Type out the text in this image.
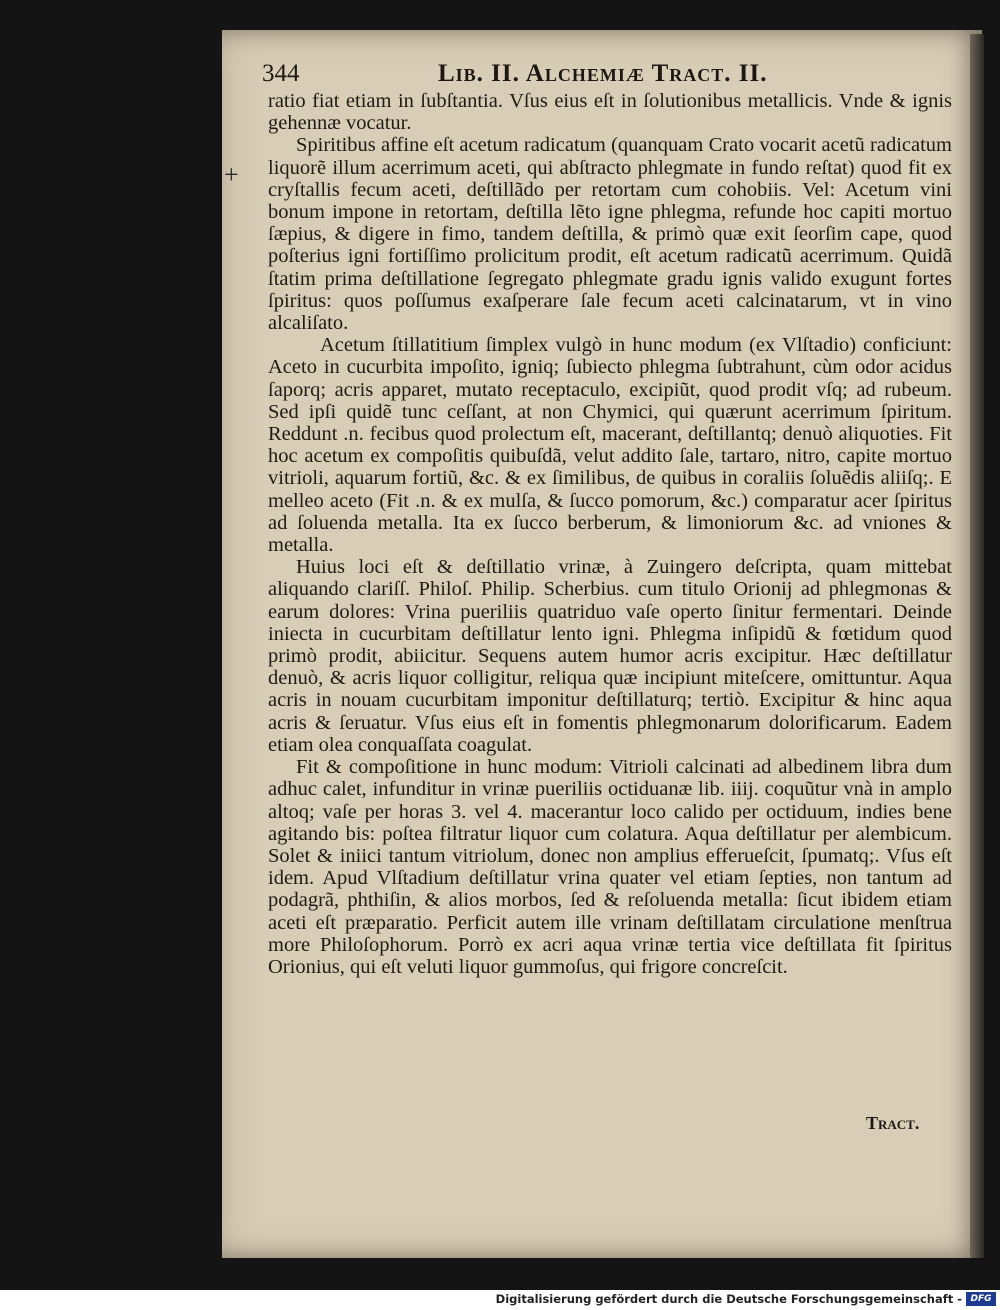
344	Lib. II. Alchemiæ Tract. II.
+

ratio fiat etiam in ſubſtantia. Vſus eius eſt in ſolutionibus metallicis. Vnde & ignis gehennæ vocatur.

Spiritibus affine eſt acetum radicatum (quanquam Crato vocarit acetũ radicatum liquorẽ illum acerrimum aceti, qui abſtracto phlegmate in fundo reſtat) quod fit ex cryſtallis fecum aceti, deſtillãdo per retortam cum cohobiis. Vel: Acetum vini bonum impone in retortam, deſtilla lẽto igne phlegma, refunde hoc capiti mortuo ſæpius, & digere in fimo, tandem deſtilla, & primò quæ exit ſeorſim cape, quod poſterius igni fortiſſimo prolicitum prodit, eſt acetum radicatũ acerrimum. Quidã ſtatim prima deſtillatione ſegregato phlegmate gradu ignis valido exugunt fortes ſpiritus: quos poſſumus exaſperare ſale fecum aceti calcinatarum, vt in vino alcaliſato.

Acetum ſtillatitium ſimplex vulgò in hunc modum (ex Vlſtadio) conficiunt: Aceto in cucurbita impoſito, igniq; ſubiecto phlegma ſubtrahunt, cùm odor acidus ſaporq; acris apparet, mutato receptaculo, excipiũt, quod prodit vſq; ad rubeum. Sed ipſi quidẽ tunc ceſſant, at non Chymici, qui quærunt acerrimum ſpiritum. Reddunt .n. fecibus quod prolectum eſt, macerant, deſtillantq; denuò aliquoties. Fit hoc acetum ex compoſitis quibuſdã, velut addito ſale, tartaro, nitro, capite mortuo vitrioli, aquarum fortiũ, &c. & ex ſimilibus, de quibus in coraliis ſoluẽdis aliiſq;. E melleo aceto (Fit .n. & ex mulſa, & ſucco pomorum, &c.) comparatur acer ſpiritus ad ſoluenda metalla. Ita ex ſucco berberum, & limoniorum &c. ad vniones & metalla.

Huius loci eſt & deſtillatio vrinæ, à Zuingero deſcripta, quam mittebat aliquando clariſſ. Philoſ. Philip. Scherbius. cum titulo Orionij ad phlegmonas & earum dolores: Vrina pueriliis quatriduo vaſe operto ſinitur fermentari. Deinde iniecta in cucurbitam deſtillatur lento igni. Phlegma inſipidũ & fœtidum quod primò prodit, abiicitur. Sequens autem humor acris excipitur. Hæc deſtillatur denuò, & acris liquor colligitur, reliqua quæ incipiunt miteſcere, omittuntur. Aqua acris in nouam cucurbitam imponitur deſtillaturq; tertiò. Excipitur & hinc aqua acris & ſeruatur. Vſus eius eſt in fomentis phlegmonarum dolorificarum. Eadem etiam olea conquaſſata coagulat.

Fit & compoſitione in hunc modum: Vitrioli calcinati ad albedinem libra dum adhuc calet, infunditur in vrinæ pueriliis octiduanæ lib. iiij. coquũtur vnà in amplo altoq; vaſe per horas 3. vel 4. macerantur loco calido per octiduum, indies bene agitando bis: poſtea filtratur liquor cum colatura. Aqua deſtillatur per alembicum. Solet & iniici tantum vitriolum, donec non amplius efferueſcit, ſpumatq;. Vſus eſt idem. Apud Vlſtadium deſtillatur vrina quater vel etiam ſepties, non tantum ad podagrã, phthiſin, & alios morbos, ſed & reſoluenda metalla: ſicut ibidem etiam aceti eſt præparatio. Perficit autem ille vrinam deſtillatam circulatione menſtrua more Philoſophorum. Porrò ex acri aqua vrinæ tertia vice deſtillata fit ſpiritus Orionius, qui eſt veluti liquor gummoſus, qui frigore concreſcit.

Tract.
Digitalisierung gefördert durch die Deutsche Forschungsgemeinschaft - DFG
